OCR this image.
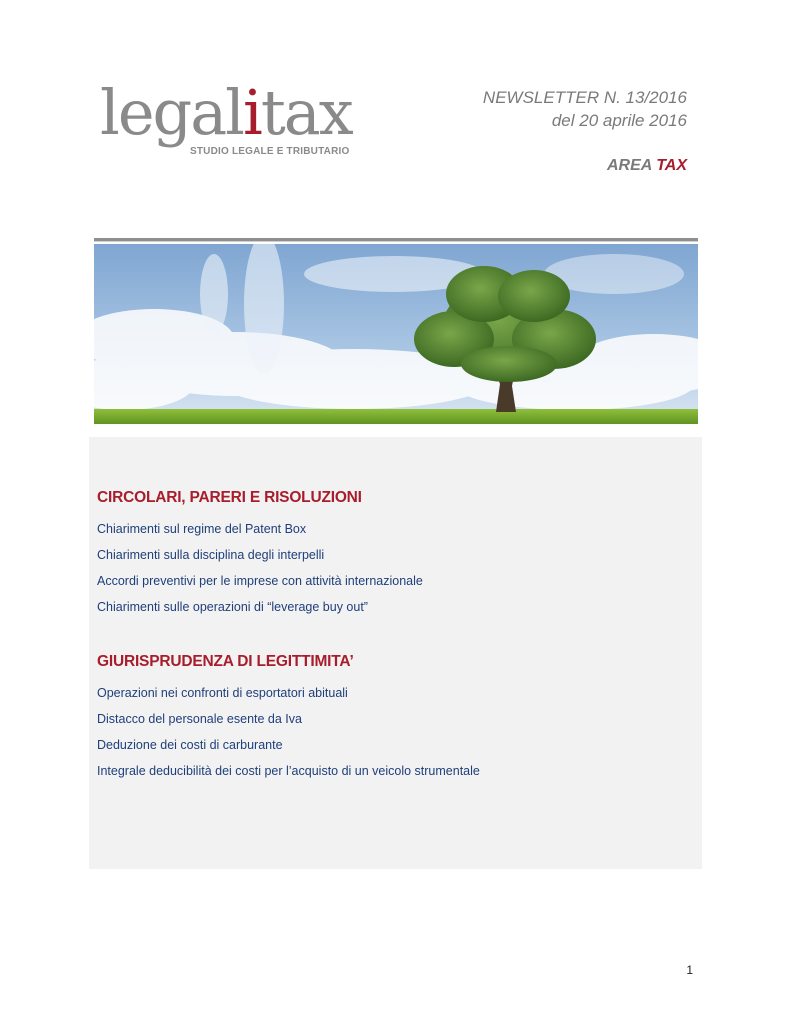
legalitax
STUDIO LEGALE E TRIBUTARIO
NEWSLETTER N. 13/2016
del 20 aprile 2016
AREA TAX
CIRCOLARI, PARERI E RISOLUZIONI
Chiarimenti sul regime del Patent Box
Chiarimenti sulla disciplina degli interpelli
Accordi preventivi per le imprese con attività internazionale
Chiarimenti sulle operazioni di “leverage buy out”
GIURISPRUDENZA DI LEGITTIMITA’
Operazioni nei confronti di esportatori abituali
Distacco del personale esente da Iva
Deduzione dei costi di carburante
Integrale deducibilità dei costi per l’acquisto di un veicolo strumentale
1
